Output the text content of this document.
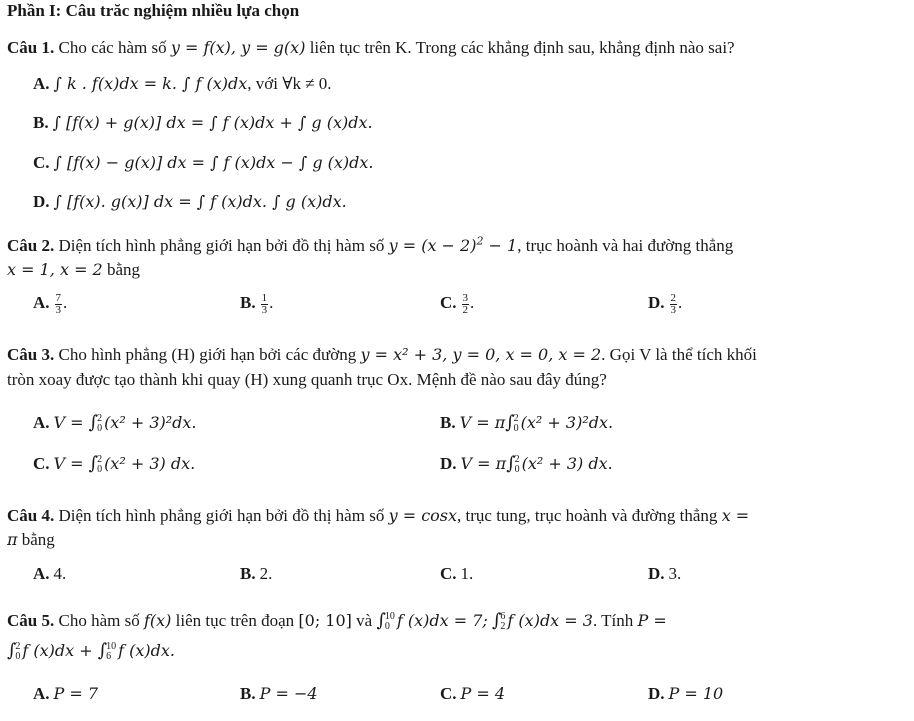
Phần I: Câu trăc nghiệm nhiều lựa chọn
Câu 1. Cho các hàm số y = f(x), y = g(x) liên tục trên K. Trong các khẳng định sau, khẳng định nào sai?
A. ∫ k . f(x)dx = k. ∫ f (x)dx, với ∀k ≠ 0.
B. ∫ [f(x) + g(x)] dx = ∫ f (x)dx + ∫ g (x)dx.
C. ∫ [f(x) − g(x)] dx = ∫ f (x)dx − ∫ g (x)dx.
D. ∫ [f(x). g(x)] dx = ∫ f (x)dx. ∫ g (x)dx.
Câu 2. Diện tích hình phẳng giới hạn bởi đồ thị hàm số $y = (x - 2)^2 - 1$, trục hoành và hai đường thẳng
x = 1, x = 2 bằng
A. $\frac{7}{3}$ .	B. $\frac{1}{3}$ .	C. $\frac{3}{2}$ .	D. $\frac{2}{3}$ .
Câu 3. Cho hình phẳng (H) giới hạn bởi các đường y = x² + 3, y = 0, x = 0, x = 2. Gọi V là thể tích khối
tròn xoay được tạo thành khi quay (H) xung quanh trục Ox. Mệnh đề nào sau đây đúng?
A. V = ∫ 2
0 (x² + 3)²dx.	B. V = π∫ 2
0 (x² + 3)²dx.
C. V = ∫ 2
0 (x² + 3) dx.	D. V = π∫ 2
0 (x² + 3) dx.
Câu 4. Diện tích hình phẳng giới hạn bởi đồ thị hàm số y = cosx, trục tung, trục hoành và đường thẳng x =
π bằng
A. 4.	B. 2.	C. 1.	D. 3.
Câu 5. Cho hàm số f(x) liên tục trên đoạn [0; 10] và ∫ 10
0 f (x)dx = 7; ∫ 6
2 f (x)dx = 3. Tính P =
∫ 2
0 f (x)dx + ∫ 10
6 f (x)dx.
A. P = 7	B. P = −4	C. P = 4	D. P = 10
